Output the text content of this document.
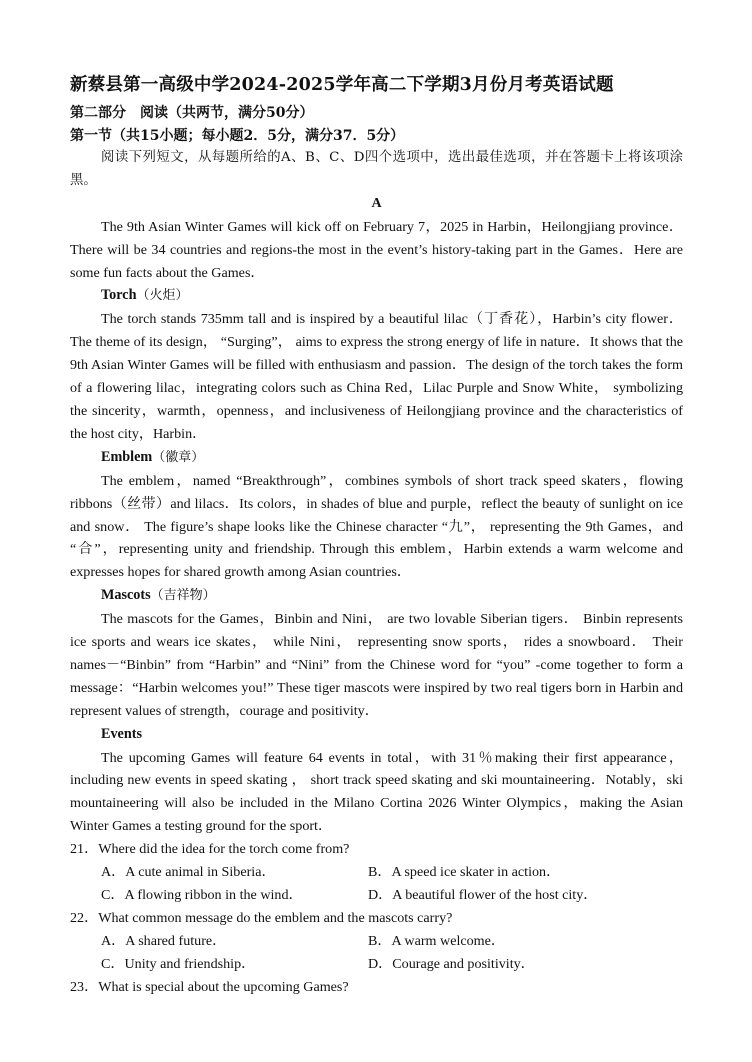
新蔡县第一高级中学2024-2025学年高二下学期3月份月考英语试题
第二部分 阅读（共两节，满分50分）
第一节（共15小题；每小题2．5分，满分37．5分）

阅读下列短文，从每题所给的A、B、C、D四个选项中，选出最佳选项，并在答题卡上将该项涂黑。

A

The 9th Asian Winter Games will kick off on February 7，2025 in Harbin，Heilongjiang province．There will be 34 countries and regions-the most in the event’s history-taking part in the Games．Here are some fun facts about the Games．

Torch（火炬）

The torch stands 735mm tall and is inspired by a beautiful lilac（丁香花），Harbin’s city flower． The theme of its design， “Surging”， aims to express the strong energy of life in nature．It shows that the 9th Asian Winter Games will be filled with enthusiasm and passion．The design of the torch takes the form of a flowering lilac，integrating colors such as China Red，Lilac Purple and Snow White， symbolizing the sincerity，warmth，openness，and inclusiveness of Heilongjiang province and the characteristics of the host city，Harbin．

Emblem（徽章）

The emblem，named “Breakthrough”，combines symbols of short track speed skaters，flowing ribbons（丝带）and lilacs．Its colors，in shades of blue and purple，reflect the beauty of sunlight on ice and snow． The figure’s shape looks like the Chinese character “九”， representing the 9th Games，and “合”，representing unity and friendship. Through this emblem，Harbin extends a warm welcome and expresses hopes for shared growth among Asian countries．

Mascots（吉祥物）

The mascots for the Games，Binbin and Nini， are two lovable Siberian tigers． Binbin represents ice sports and wears ice skates， while Nini， representing snow sports， rides a snowboard． Their names－“Binbin” from “Harbin” and “Nini” from the Chinese word for “you” -come together to form a message：“Harbin welcomes you!” These tiger mascots were inspired by two real tigers born in Harbin and represent values of strength，courage and positivity．

Events

The upcoming Games will feature 64 events in total，with 31％making their first appearance，including new events in speed skating ， short track speed skating and ski mountaineering．Notably，ski mountaineering will also be included in the Milano Cortina 2026 Winter Olympics，making the Asian Winter Games a testing ground for the sport．

21．Where did the idea for the torch come from?
A．A cute animal in Siberia．	B．A speed ice skater in action．
C．A flowing ribbon in the wind．	D．A beautiful flower of the host city．
22．What common message do the emblem and the mascots carry?
A．A shared future．	B．A warm welcome．
C．Unity and friendship．	D．Courage and positivity．
23．What is special about the upcoming Games?
